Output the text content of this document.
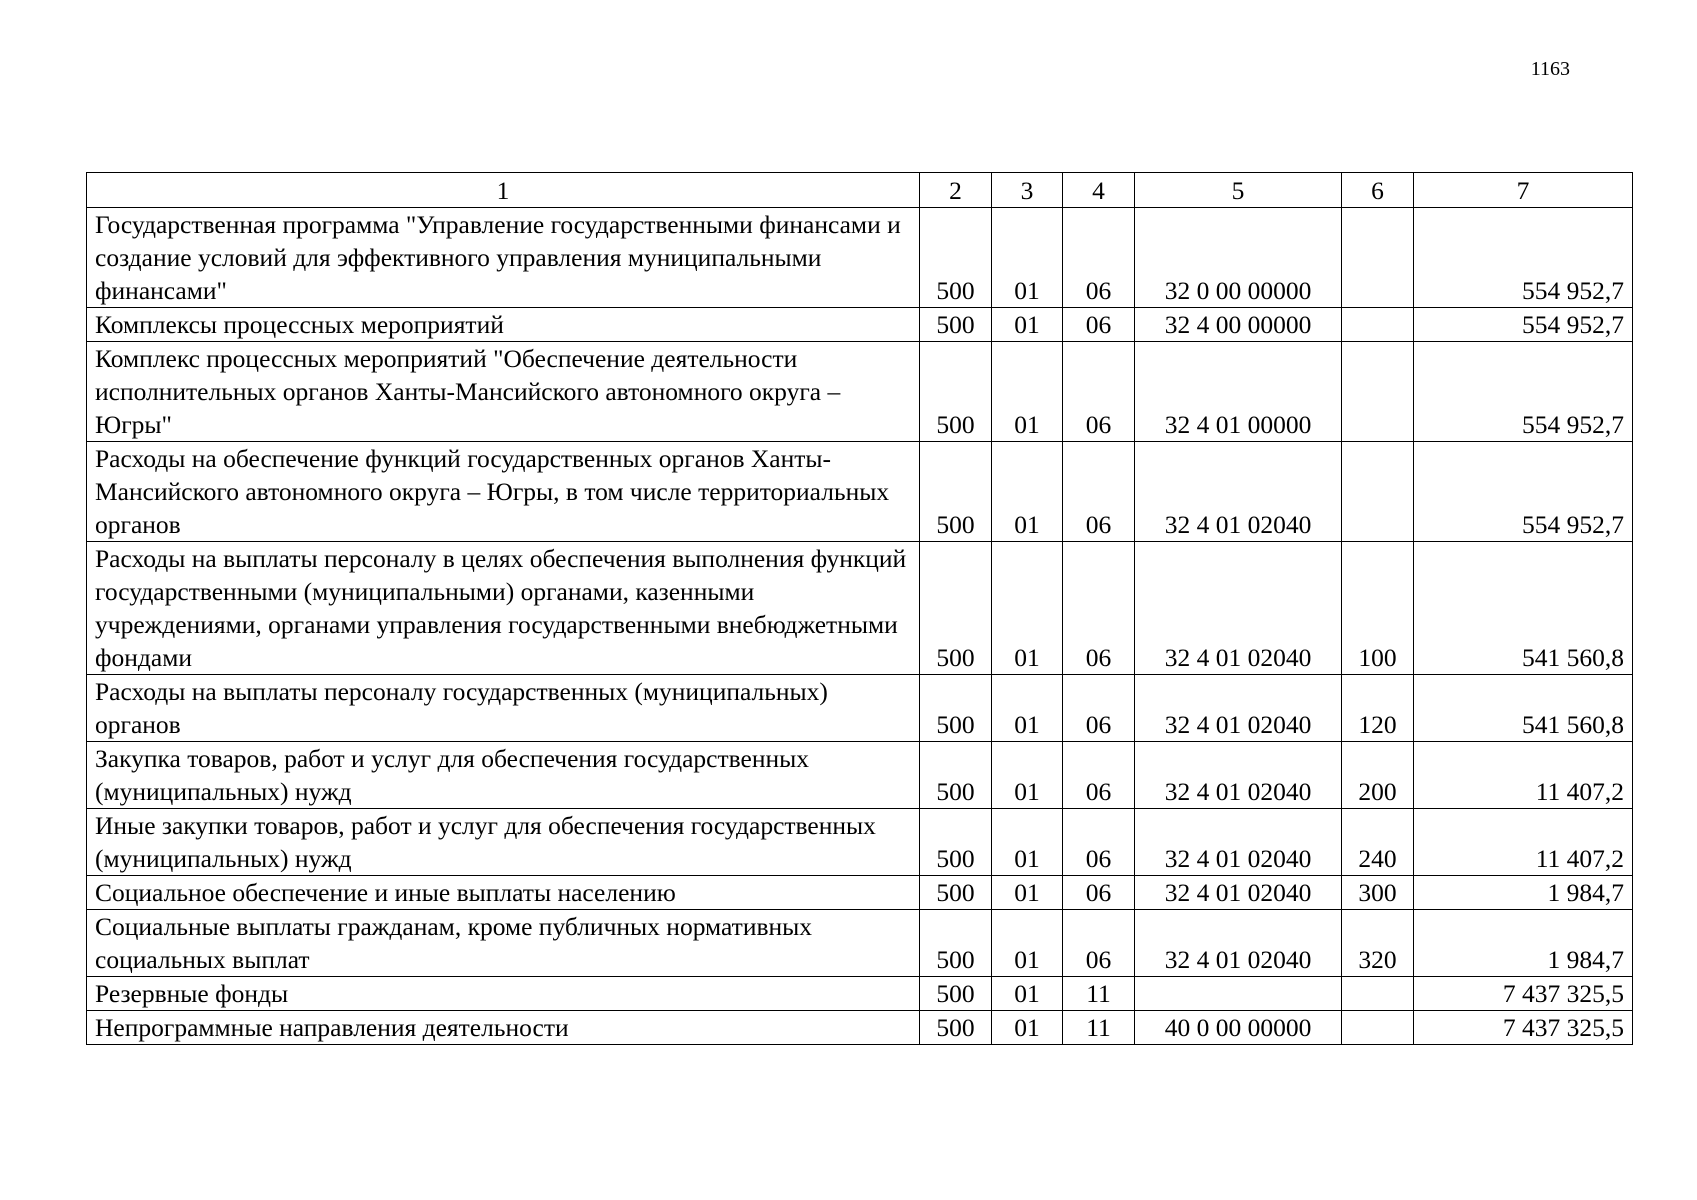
1163
1	2	3	4	5	6	7
Государственная программа "Управление государственными финансами и создание условий для эффективного управления муниципальными финансами"	500	01	06	32 0 00 00000		554 952,7
Комплексы процессных мероприятий	500	01	06	32 4 00 00000		554 952,7
Комплекс процессных мероприятий "Обеспечение деятельности исполнительных органов Ханты-Мансийского автономного округа – Югры"	500	01	06	32 4 01 00000		554 952,7
Расходы на обеспечение функций государственных органов Ханты-Мансийского автономного округа – Югры, в том числе территориальных органов	500	01	06	32 4 01 02040		554 952,7
Расходы на выплаты персоналу в целях обеспечения выполнения функций государственными (муниципальными) органами, казенными учреждениями, органами управления государственными внебюджетными фондами	500	01	06	32 4 01 02040	100	541 560,8
Расходы на выплаты персоналу государственных (муниципальных) органов	500	01	06	32 4 01 02040	120	541 560,8
Закупка товаров, работ и услуг для обеспечения государственных (муниципальных) нужд	500	01	06	32 4 01 02040	200	11 407,2
Иные закупки товаров, работ и услуг для обеспечения государственных (муниципальных) нужд	500	01	06	32 4 01 02040	240	11 407,2
Социальное обеспечение и иные выплаты населению	500	01	06	32 4 01 02040	300	1 984,7
Социальные выплаты гражданам, кроме публичных нормативных социальных выплат	500	01	06	32 4 01 02040	320	1 984,7
Резервные фонды	500	01	11			7 437 325,5
Непрограммные направления деятельности	500	01	11	40 0 00 00000		7 437 325,5
